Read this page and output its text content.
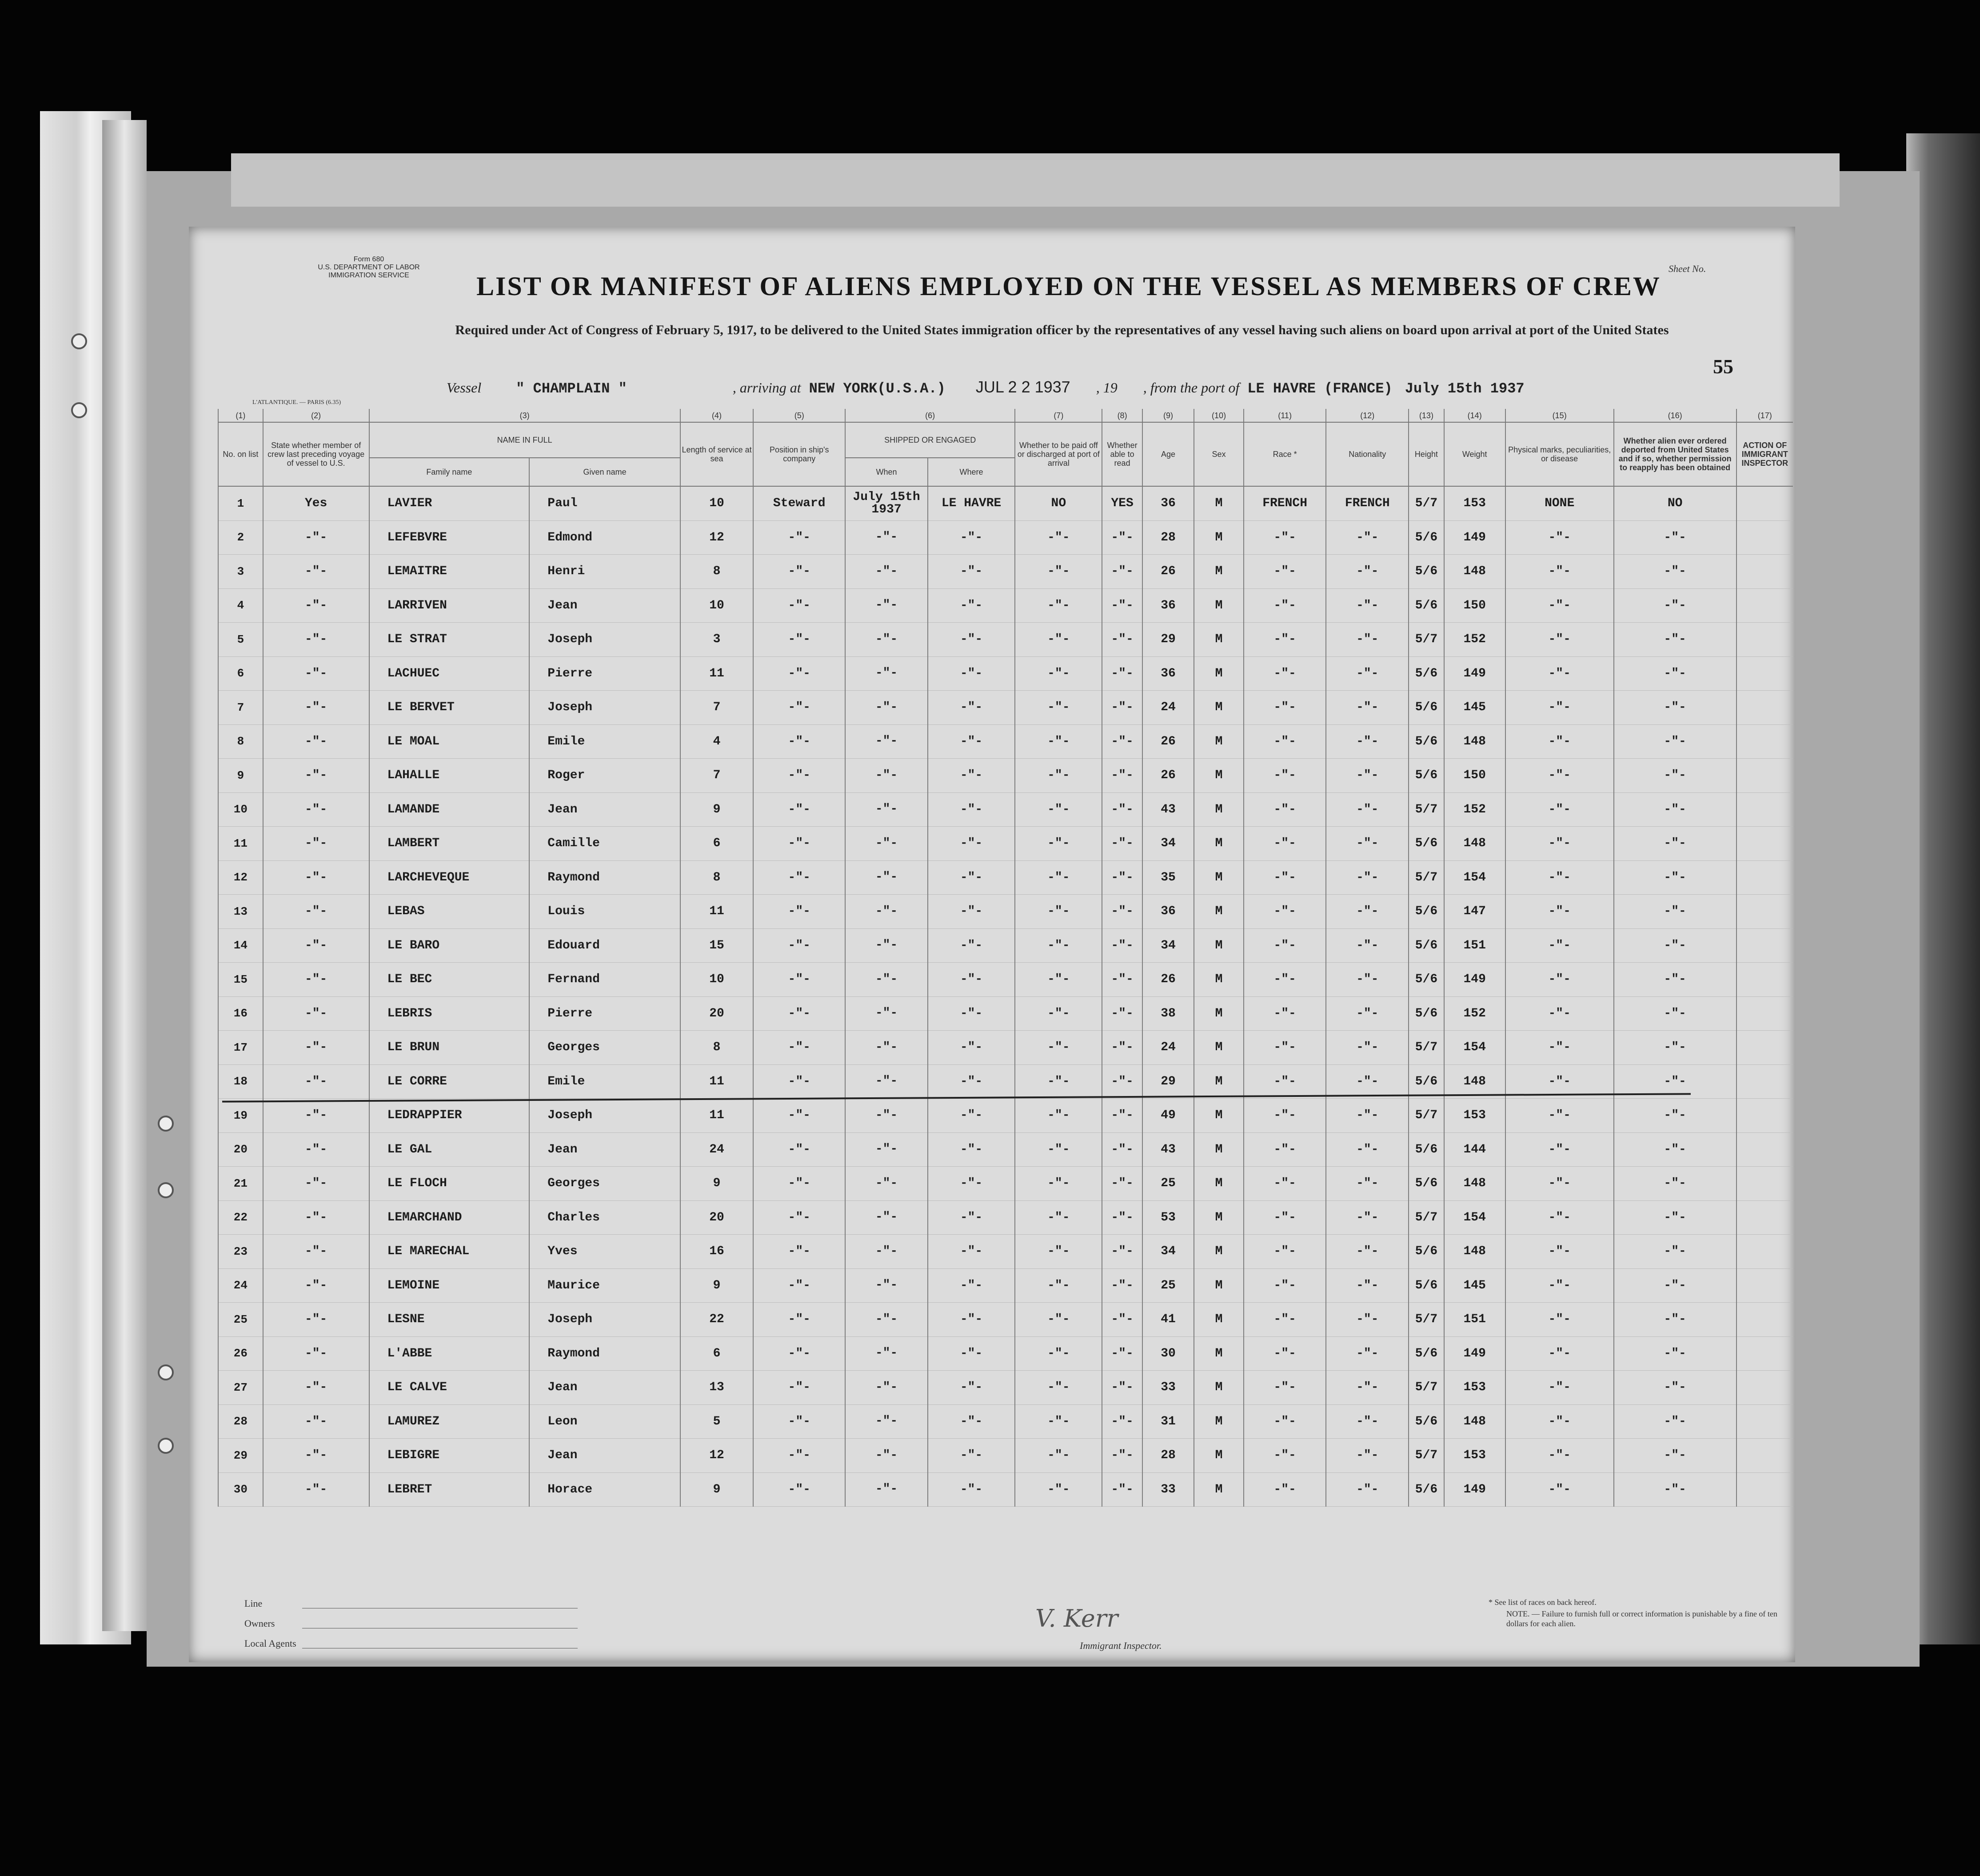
Form 680
U.S. DEPARTMENT OF LABOR
IMMIGRATION SERVICE
Sheet No.
LIST OR MANIFEST OF ALIENS EMPLOYED ON THE VESSEL AS MEMBERS OF CREW
Required under Act of Congress of February 5, 1917, to be delivered to the United States immigration officer by the representatives of any vessel having such aliens on board upon arrival at port of the United States
Vessel " CHAMPLAIN "	, arriving at NEW YORK(U.S.A.) JUL 2 2 1937 , 19 , from the port of LE HAVRE (FRANCE) July 15th 1937
55
L'ATLANTIQUE. — PARIS (6.35)
(1)	(2)	(3)		(4)	(5)	(6)		(7)	(8)	(9)	(10)	(11)	(12)	(13)	(14)	(15)	(16)	(17)
No. on list	State whether member of crew last preceding voyage of vessel to U.S.	NAME IN FULL		Length of service at sea	Position in ship's company	SHIPPED OR ENGAGED		Whether to be paid off or discharged at port of arrival	Whether able to read	Age	Sex	Race *	Nationality	Height	Weight	Physical marks, peculiarities, or disease	Whether alien ever ordered deported from United States and if so, whether permission to reapply has been obtained	ACTION OF IMMIGRANT INSPECTOR
		Family name	Given name			When	Where											
1	Yes	LAVIER	Paul	10	Steward	July 15th 1937	LE HAVRE	NO	YES	36	M	FRENCH	FRENCH	5/7	153	NONE	NO	
2	-"-	LEFEBVRE	Edmond	12	-"-	-"-	-"-	-"-	-"-	28	M	-"-	-"-	5/6	149	-"-	-"-	
3	-"-	LEMAITRE	Henri	8	-"-	-"-	-"-	-"-	-"-	26	M	-"-	-"-	5/6	148	-"-	-"-	
4	-"-	LARRIVEN	Jean	10	-"-	-"-	-"-	-"-	-"-	36	M	-"-	-"-	5/6	150	-"-	-"-	
5	-"-	LE STRAT	Joseph	3	-"-	-"-	-"-	-"-	-"-	29	M	-"-	-"-	5/7	152	-"-	-"-	
6	-"-	LACHUEC	Pierre	11	-"-	-"-	-"-	-"-	-"-	36	M	-"-	-"-	5/6	149	-"-	-"-	
7	-"-	LE BERVET	Joseph	7	-"-	-"-	-"-	-"-	-"-	24	M	-"-	-"-	5/6	145	-"-	-"-	
8	-"-	LE MOAL	Emile	4	-"-	-"-	-"-	-"-	-"-	26	M	-"-	-"-	5/6	148	-"-	-"-	
9	-"-	LAHALLE	Roger	7	-"-	-"-	-"-	-"-	-"-	26	M	-"-	-"-	5/6	150	-"-	-"-	
10	-"-	LAMANDE	Jean	9	-"-	-"-	-"-	-"-	-"-	43	M	-"-	-"-	5/7	152	-"-	-"-	
11	-"-	LAMBERT	Camille	6	-"-	-"-	-"-	-"-	-"-	34	M	-"-	-"-	5/6	148	-"-	-"-	
12	-"-	LARCHEVEQUE	Raymond	8	-"-	-"-	-"-	-"-	-"-	35	M	-"-	-"-	5/7	154	-"-	-"-	
13	-"-	LEBAS	Louis	11	-"-	-"-	-"-	-"-	-"-	36	M	-"-	-"-	5/6	147	-"-	-"-	
14	-"-	LE BARO	Edouard	15	-"-	-"-	-"-	-"-	-"-	34	M	-"-	-"-	5/6	151	-"-	-"-	
15	-"-	LE BEC	Fernand	10	-"-	-"-	-"-	-"-	-"-	26	M	-"-	-"-	5/6	149	-"-	-"-	
16	-"-	LEBRIS	Pierre	20	-"-	-"-	-"-	-"-	-"-	38	M	-"-	-"-	5/6	152	-"-	-"-	
17	-"-	LE BRUN	Georges	8	-"-	-"-	-"-	-"-	-"-	24	M	-"-	-"-	5/7	154	-"-	-"-	
18	-"-	LE CORRE	Emile	11	-"-	-"-	-"-	-"-	-"-	29	M	-"-	-"-	5/6	148	-"-	-"-	
19	-"-	LEDRAPPIER	Joseph	11	-"-	-"-	-"-	-"-	-"-	49	M	-"-	-"-	5/7	153	-"-	-"-	
20	-"-	LE GAL	Jean	24	-"-	-"-	-"-	-"-	-"-	43	M	-"-	-"-	5/6	144	-"-	-"-	
21	-"-	LE FLOCH	Georges	9	-"-	-"-	-"-	-"-	-"-	25	M	-"-	-"-	5/6	148	-"-	-"-	
22	-"-	LEMARCHAND	Charles	20	-"-	-"-	-"-	-"-	-"-	53	M	-"-	-"-	5/7	154	-"-	-"-	
23	-"-	LE MARECHAL	Yves	16	-"-	-"-	-"-	-"-	-"-	34	M	-"-	-"-	5/6	148	-"-	-"-	
24	-"-	LEMOINE	Maurice	9	-"-	-"-	-"-	-"-	-"-	25	M	-"-	-"-	5/6	145	-"-	-"-	
25	-"-	LESNE	Joseph	22	-"-	-"-	-"-	-"-	-"-	41	M	-"-	-"-	5/7	151	-"-	-"-	
26	-"-	L'ABBE	Raymond	6	-"-	-"-	-"-	-"-	-"-	30	M	-"-	-"-	5/6	149	-"-	-"-	
27	-"-	LE CALVE	Jean	13	-"-	-"-	-"-	-"-	-"-	33	M	-"-	-"-	5/7	153	-"-	-"-	
28	-"-	LAMUREZ	Leon	5	-"-	-"-	-"-	-"-	-"-	31	M	-"-	-"-	5/6	148	-"-	-"-	
29	-"-	LEBIGRE	Jean	12	-"-	-"-	-"-	-"-	-"-	28	M	-"-	-"-	5/7	153	-"-	-"-	
30	-"-	LEBRET	Horace	9	-"-	-"-	-"-	-"-	-"-	33	M	-"-	-"-	5/6	149	-"-	-"-	
Line
Owners
Local Agents
V. Kerr
Immigrant Inspector.
* See list of races on back hereof.
NOTE. — Failure to furnish full or correct information is punishable by a fine of ten dollars for each alien.
